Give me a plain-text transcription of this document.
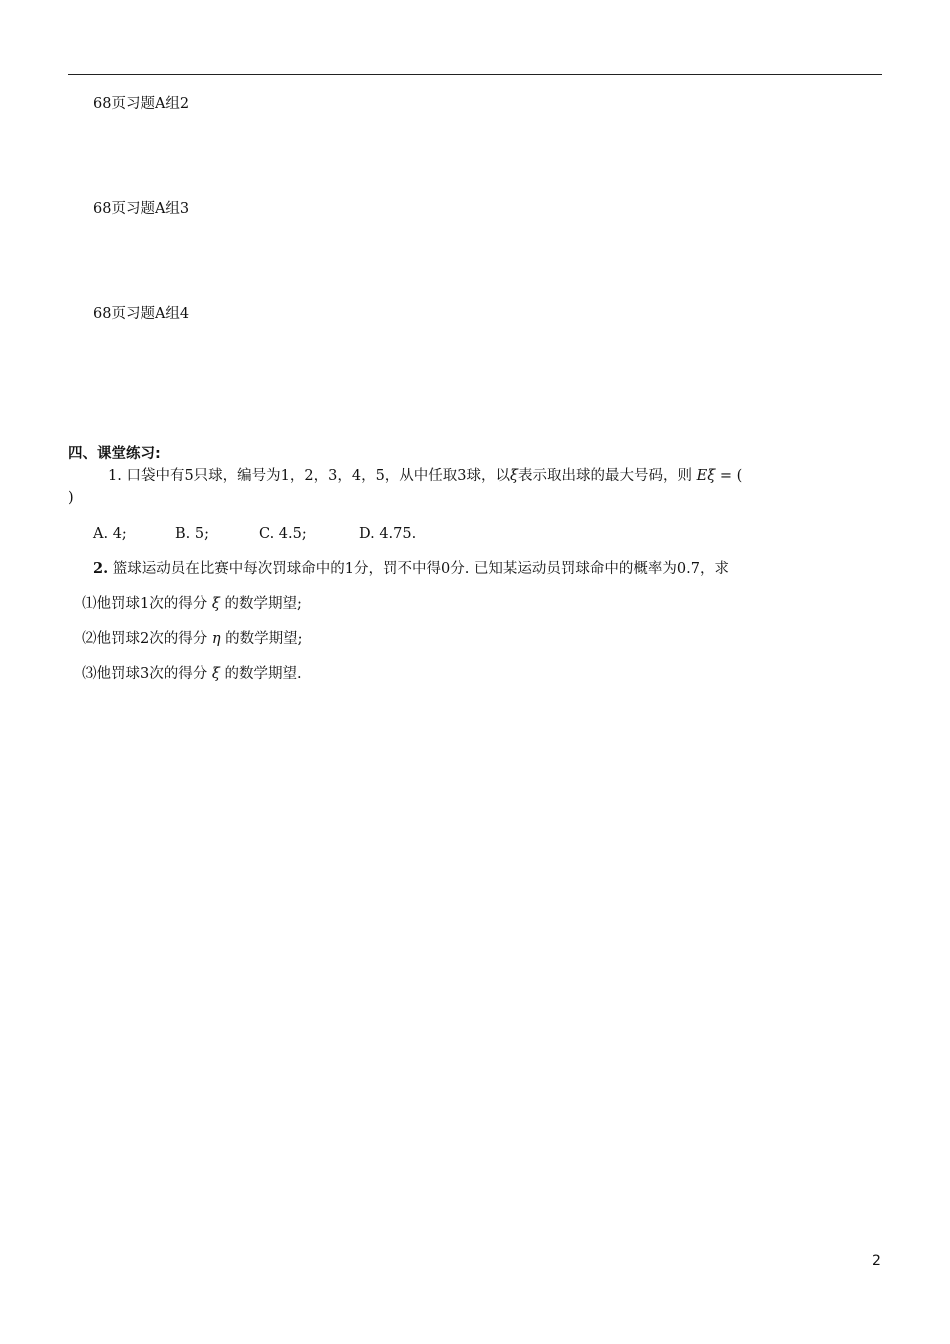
68页习题A组2
68页习题A组3
68页习题A组4
四、课堂练习:
1. 口袋中有5只球，编号为1，2，3，4，5，从中任取3球，以ξ表示取出球的最大号码，则 Eξ = (
)
A. 4;	B. 5;	C. 4.5;	D. 4.75.
2. 篮球运动员在比赛中每次罚球命中的1分，罚不中得0分. 已知某运动员罚球命中的概率为0.7，求
⑴他罚球1次的得分 ξ 的数学期望;
⑵他罚球2次的得分 η 的数学期望;
⑶他罚球3次的得分 ξ 的数学期望.
2
